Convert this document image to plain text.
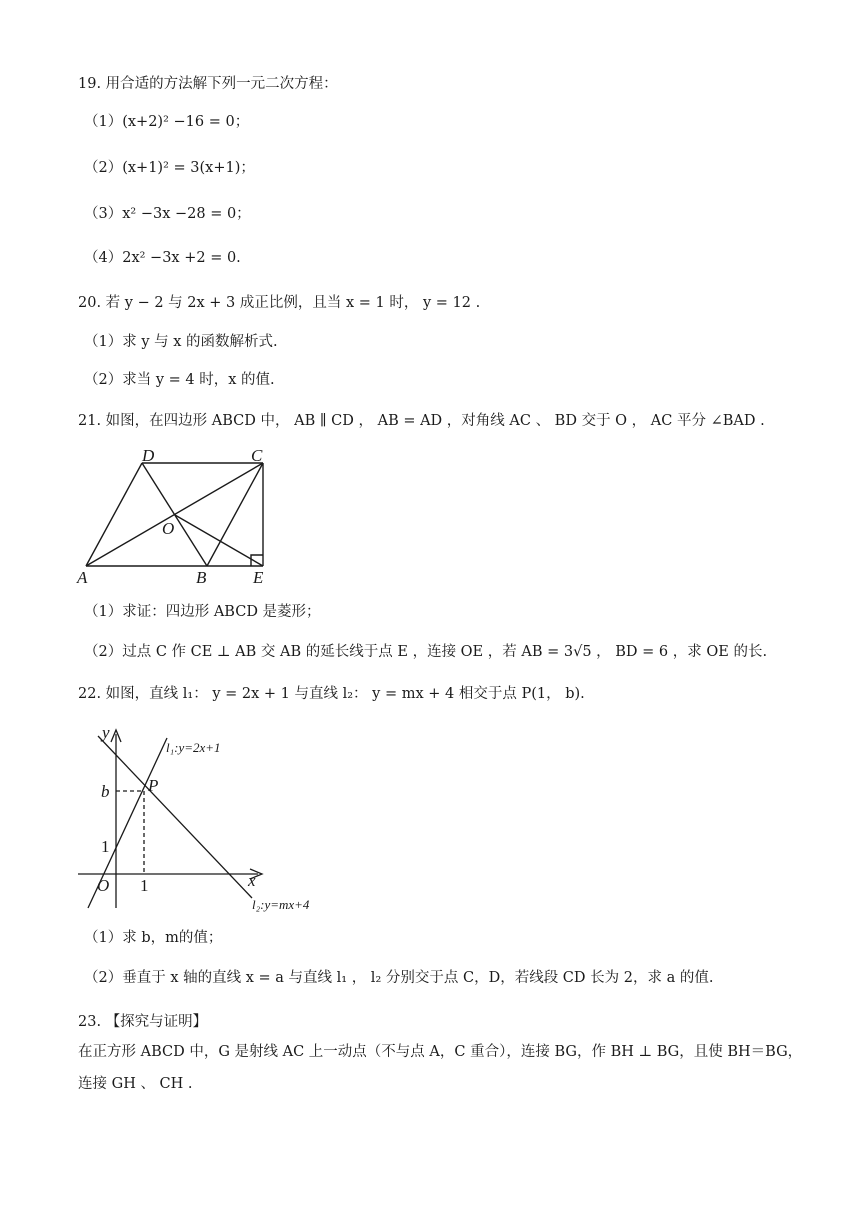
19. 用合适的方法解下列一元二次方程：
（1）(x+2)² −16 = 0；
（2）(x+1)² = 3(x+1)；
（3）x² −3x −28 = 0；
（4）2x² −3x +2 = 0.
20. 若 y − 2 与 2x + 3 成正比例，且当 x = 1 时， y = 12 .
（1）求 y 与 x 的函数解析式.
（2）求当 y = 4 时，x 的值.
21. 如图，在四边形 ABCD 中， AB ∥ CD ， AB = AD ，对角线 AC 、 BD 交于 O ， AC 平分 ∠BAD .
D	C
O
A	B	E
（1）求证：四边形 ABCD 是菱形；
（2）过点 C 作 CE ⊥ AB 交 AB 的延长线于点 E ，连接 OE ，若 AB = 3√5 ， BD = 6 ，求 OE 的长.
22. 如图，直线 l₁： y = 2x + 1 与直线 l₂： y = mx + 4 相交于点 P(1， b).
y
x
O
P
b
1
1
l₁:y=2x+1
l₂:y=mx+4
（1）求 b，m的值；
（2）垂直于 x 轴的直线 x = a 与直线 l₁ ， l₂ 分别交于点 C，D，若线段 CD 长为 2，求 a 的值.
23. 【探究与证明】
在正方形 ABCD 中，G 是射线 AC 上一动点（不与点 A，C 重合），连接 BG，作 BH ⊥ BG，且使 BH＝BG，
连接 GH 、 CH .
